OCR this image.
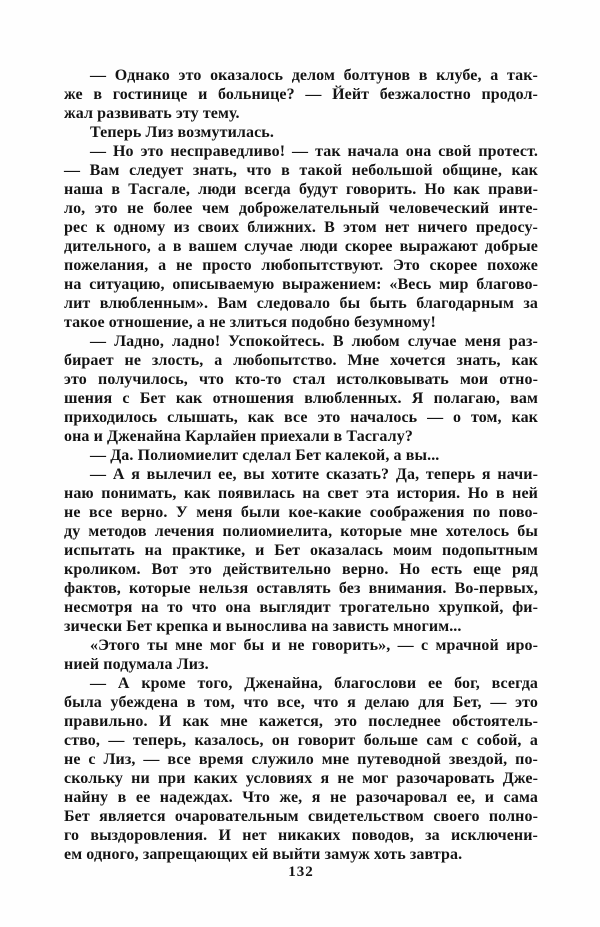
— Однако это оказалось делом болтунов в клубе, а так-
же в гостинице и больнице? — Йейт безжалостно продол-
жал развивать эту тему.
Теперь Лиз возмутилась.
— Но это несправедливо! — так начала она свой протест.
— Вам следует знать, что в такой небольшой общине, как
наша в Тасгале, люди всегда будут говорить. Но как прави-
ло, это не более чем доброжелательный человеческий инте-
рес к одному из своих ближних. В этом нет ничего предосу-
дительного, а в вашем случае люди скорее выражают добрые
пожелания, а не просто любопытствуют. Это скорее похоже
на ситуацию, описываемую выражением: «Весь мир благово-
лит влюбленным». Вам следовало бы быть благодарным за
такое отношение, а не злиться подобно безумному!
— Ладно, ладно! Успокойтесь. В любом случае меня раз-
бирает не злость, а любопытство. Мне хочется знать, как
это получилось, что кто-то стал истолковывать мои отно-
шения с Бет как отношения влюбленных. Я полагаю, вам
приходилось слышать, как все это началось — о том, как
она и Дженайна Карлайен приехали в Тасгалу?
— Да. Полиомиелит сделал Бет калекой, а вы...
— А я вылечил ее, вы хотите сказать? Да, теперь я начи-
наю понимать, как появилась на свет эта история. Но в ней
не все верно. У меня были кое-какие соображения по пово-
ду методов лечения полиомиелита, которые мне хотелось бы
испытать на практике, и Бет оказалась моим подопытным
кроликом. Вот это действительно верно. Но есть еще ряд
фактов, которые нельзя оставлять без внимания. Во-первых,
несмотря на то что она выглядит трогательно хрупкой, фи-
зически Бет крепка и вынослива на зависть многим...
«Этого ты мне мог бы и не говорить», — с мрачной иро-
нией подумала Лиз.
— А кроме того, Дженайна, благослови ее бог, всегда
была убеждена в том, что все, что я делаю для Бет, — это
правильно. И как мне кажется, это последнее обстоятель-
ство, — теперь, казалось, он говорит больше сам с собой, а
не с Лиз, — все время служило мне путеводной звездой, по-
скольку ни при каких условиях я не мог разочаровать Дже-
найну в ее надеждах. Что же, я не разочаровал ее, и сама
Бет является очаровательным свидетельством своего полно-
го выздоровления. И нет никаких поводов, за исключени-
ем одного, запрещающих ей выйти замуж хоть завтра.
132
